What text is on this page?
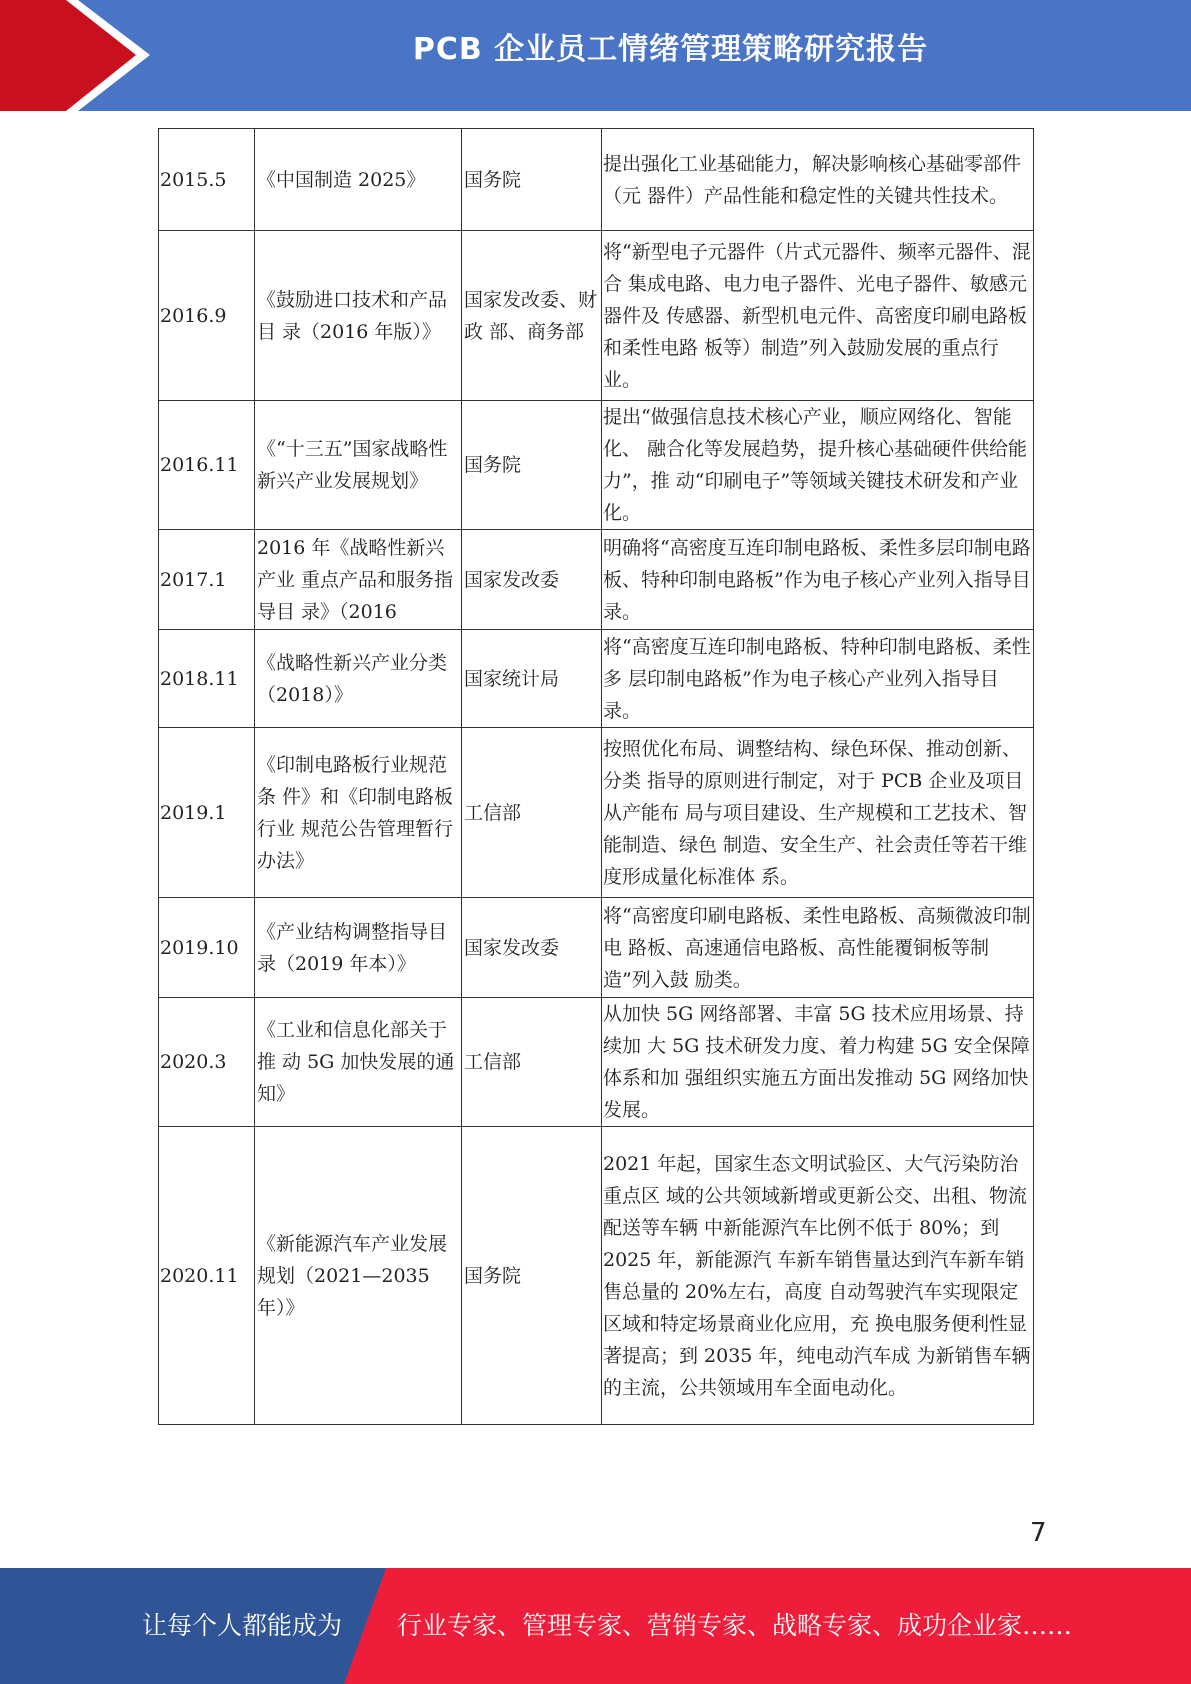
PCB 企业员工情绪管理策略研究报告
2015.5	《中国制造 2025》	国务院	提出强化工业基础能力，解决影响核心基础零部件（元 器件）产品性能和稳定性的关键共性技术。
2016.9	《鼓励进口技术和产品目 录（2016 年版）》	国家发改委、财政 部、商务部	将“新型电子元器件（片式元器件、频率元器件、混合 集成电路、电力电子器件、光电子器件、敏感元器件及 传感器、新型机电元件、高密度印刷电路板和柔性电路 板等）制造”列入鼓励发展的重点行业。
2016.11	《“十三五”国家战略性 新兴产业发展规划》	国务院	提出“做强信息技术核心产业，顺应网络化、智能化、 融合化等发展趋势，提升核心基础硬件供给能力”，推 动“印刷电子”等领域关键技术研发和产业化。
2017.1	2016 年《战略性新兴产业 重点产品和服务指导目 录》（2016	国家发改委	明确将“高密度互连印制电路板、柔性多层印制电路 板、特种印制电路板”作为电子核心产业列入指导目 录。
2018.11	《战略性新兴产业分类（2018）》	国家统计局	将“高密度互连印制电路板、特种印制电路板、柔性多 层印制电路板”作为电子核心产业列入指导目录。
2019.1	《印制电路板行业规范条 件》和《印制电路板行业 规范公告管理暂行办法》	工信部	按照优化布局、调整结构、绿色环保、推动创新、分类 指导的原则进行制定，对于 PCB 企业及项目从产能布 局与项目建设、生产规模和工艺技术、智能制造、绿色 制造、安全生产、社会责任等若干维度形成量化标准体 系。
2019.10	《产业结构调整指导目录（2019 年本）》	国家发改委	将“高密度印刷电路板、柔性电路板、高频微波印制电 路板、高速通信电路板、高性能覆铜板等制造”列入鼓 励类。
2020.3	《工业和信息化部关于推 动 5G 加快发展的通知》	工信部	从加快 5G 网络部署、丰富 5G 技术应用场景、持续加 大 5G 技术研发力度、着力构建 5G 安全保障体系和加 强组织实施五方面出发推动 5G 网络加快发展。
2020.11	《新能源汽车产业发展规划（2021—2035 年）》	国务院	2021 年起，国家生态文明试验区、大气污染防治重点区 域的公共领域新增或更新公交、出租、物流配送等车辆 中新能源汽车比例不低于 80%；到 2025 年，新能源汽 车新车销售量达到汽车新车销售总量的 20%左右，高度 自动驾驶汽车实现限定区域和特定场景商业化应用，充 换电服务便利性显著提高；到 2035 年，纯电动汽车成 为新销售车辆的主流，公共领域用车全面电动化。
7
让每个人都能成为 行业专家、管理专家、营销专家、战略专家、成功企业家……
